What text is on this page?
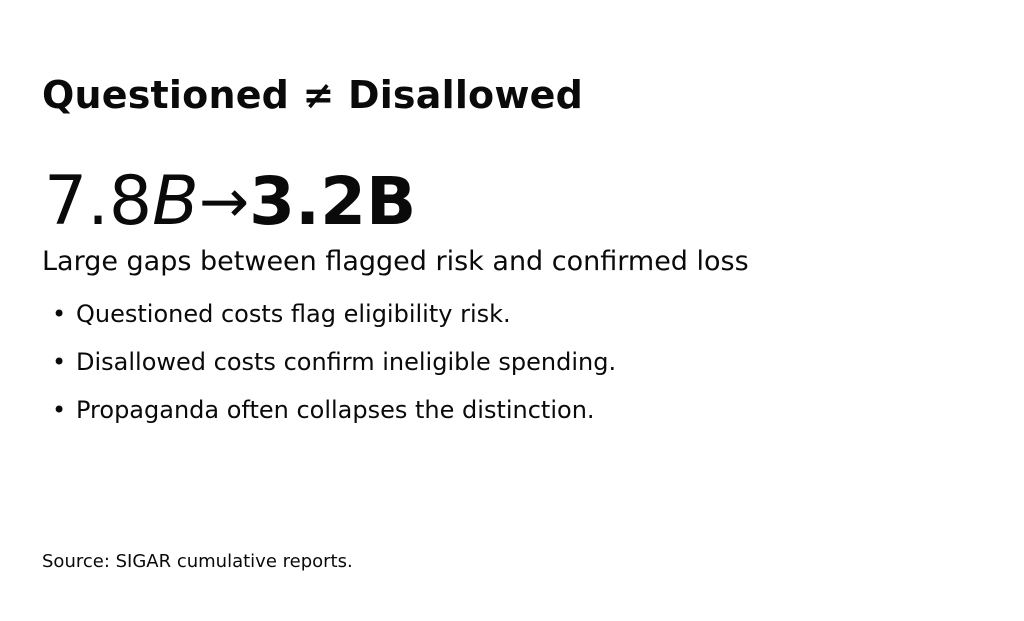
Questioned ≠ Disallowed
7.8B→3.2B
Large gaps between flagged risk and confirmed loss
• Questioned costs flag eligibility risk.
• Disallowed costs confirm ineligible spending.
• Propaganda often collapses the distinction.
Source: SIGAR cumulative reports.
